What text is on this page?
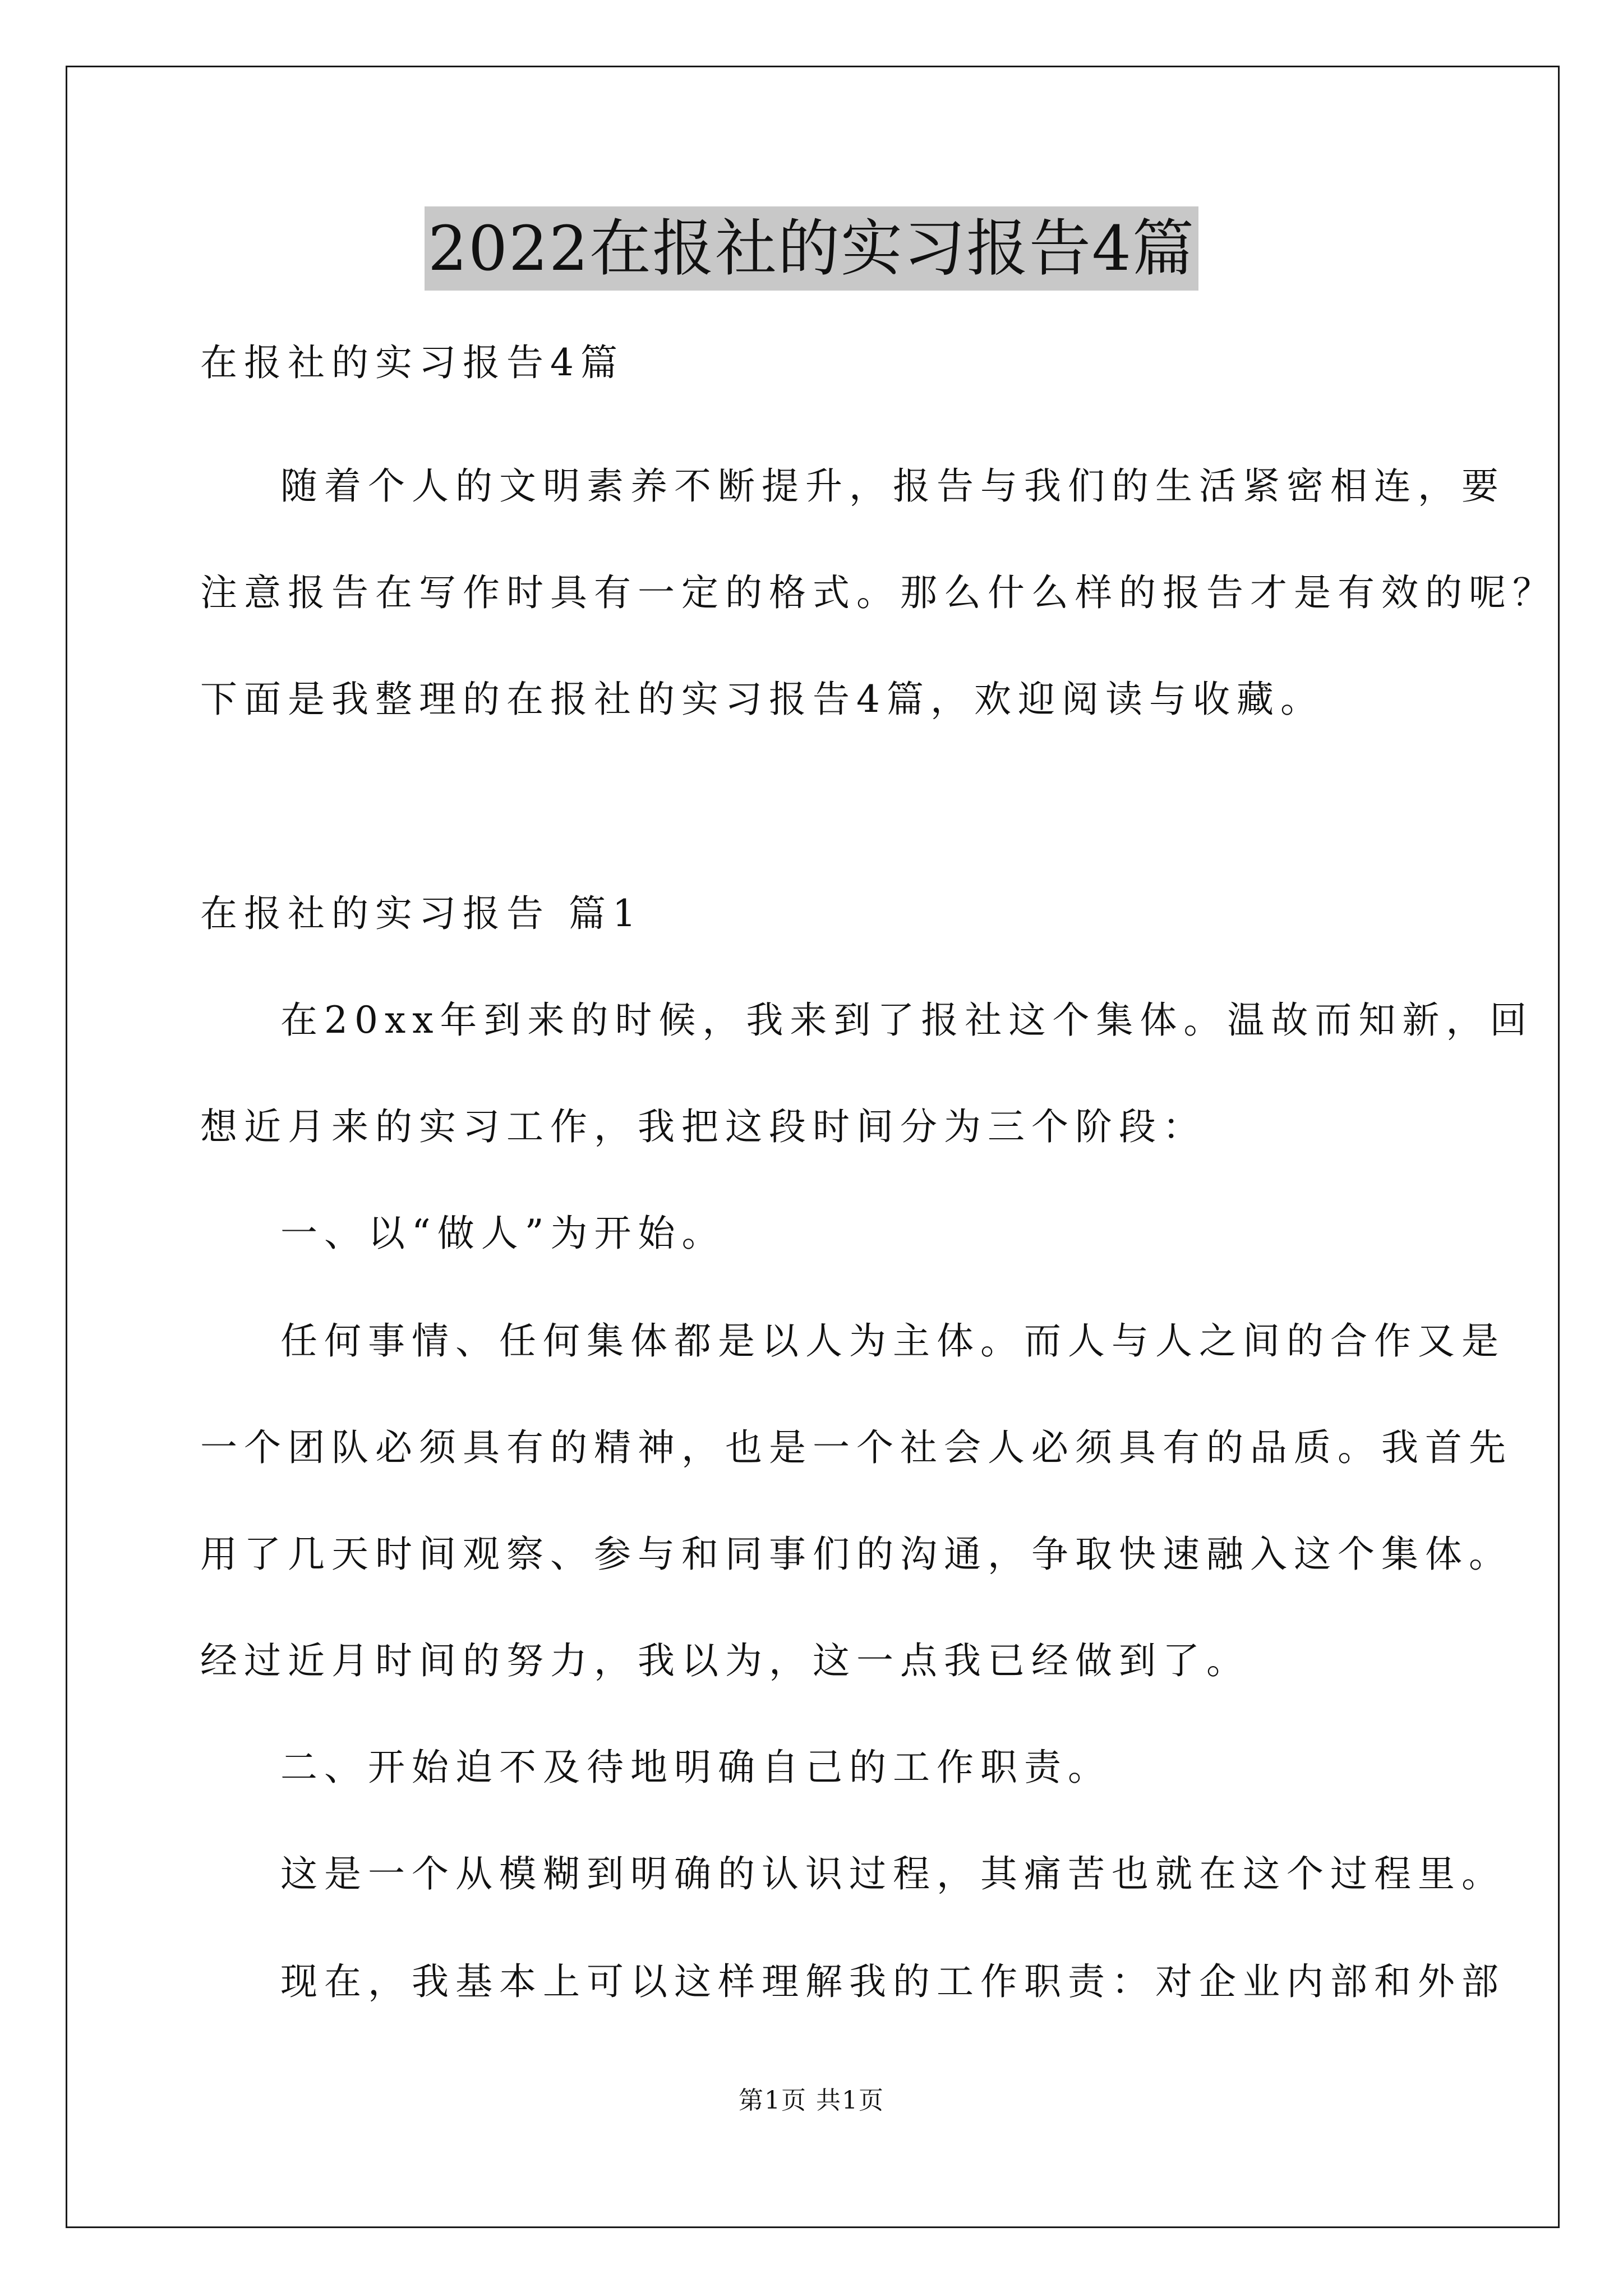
2022在报社的实习报告4篇
在报社的实习报告4篇
随着个人的文明素养不断提升，报告与我们的生活紧密相连，要
注意报告在写作时具有一定的格式。那么什么样的报告才是有效的呢？
下面是我整理的在报社的实习报告4篇，欢迎阅读与收藏。
在报社的实习报告 篇1
在20xx年到来的时候，我来到了报社这个集体。温故而知新，回
想近月来的实习工作，我把这段时间分为三个阶段：
一、以“做人”为开始。
任何事情、任何集体都是以人为主体。而人与人之间的合作又是
一个团队必须具有的精神，也是一个社会人必须具有的品质。我首先
用了几天时间观察、参与和同事们的沟通，争取快速融入这个集体。
经过近月时间的努力，我以为，这一点我已经做到了。
二、开始迫不及待地明确自己的工作职责。
这是一个从模糊到明确的认识过程，其痛苦也就在这个过程里。
现在，我基本上可以这样理解我的工作职责：对企业内部和外部
第1页 共1页
